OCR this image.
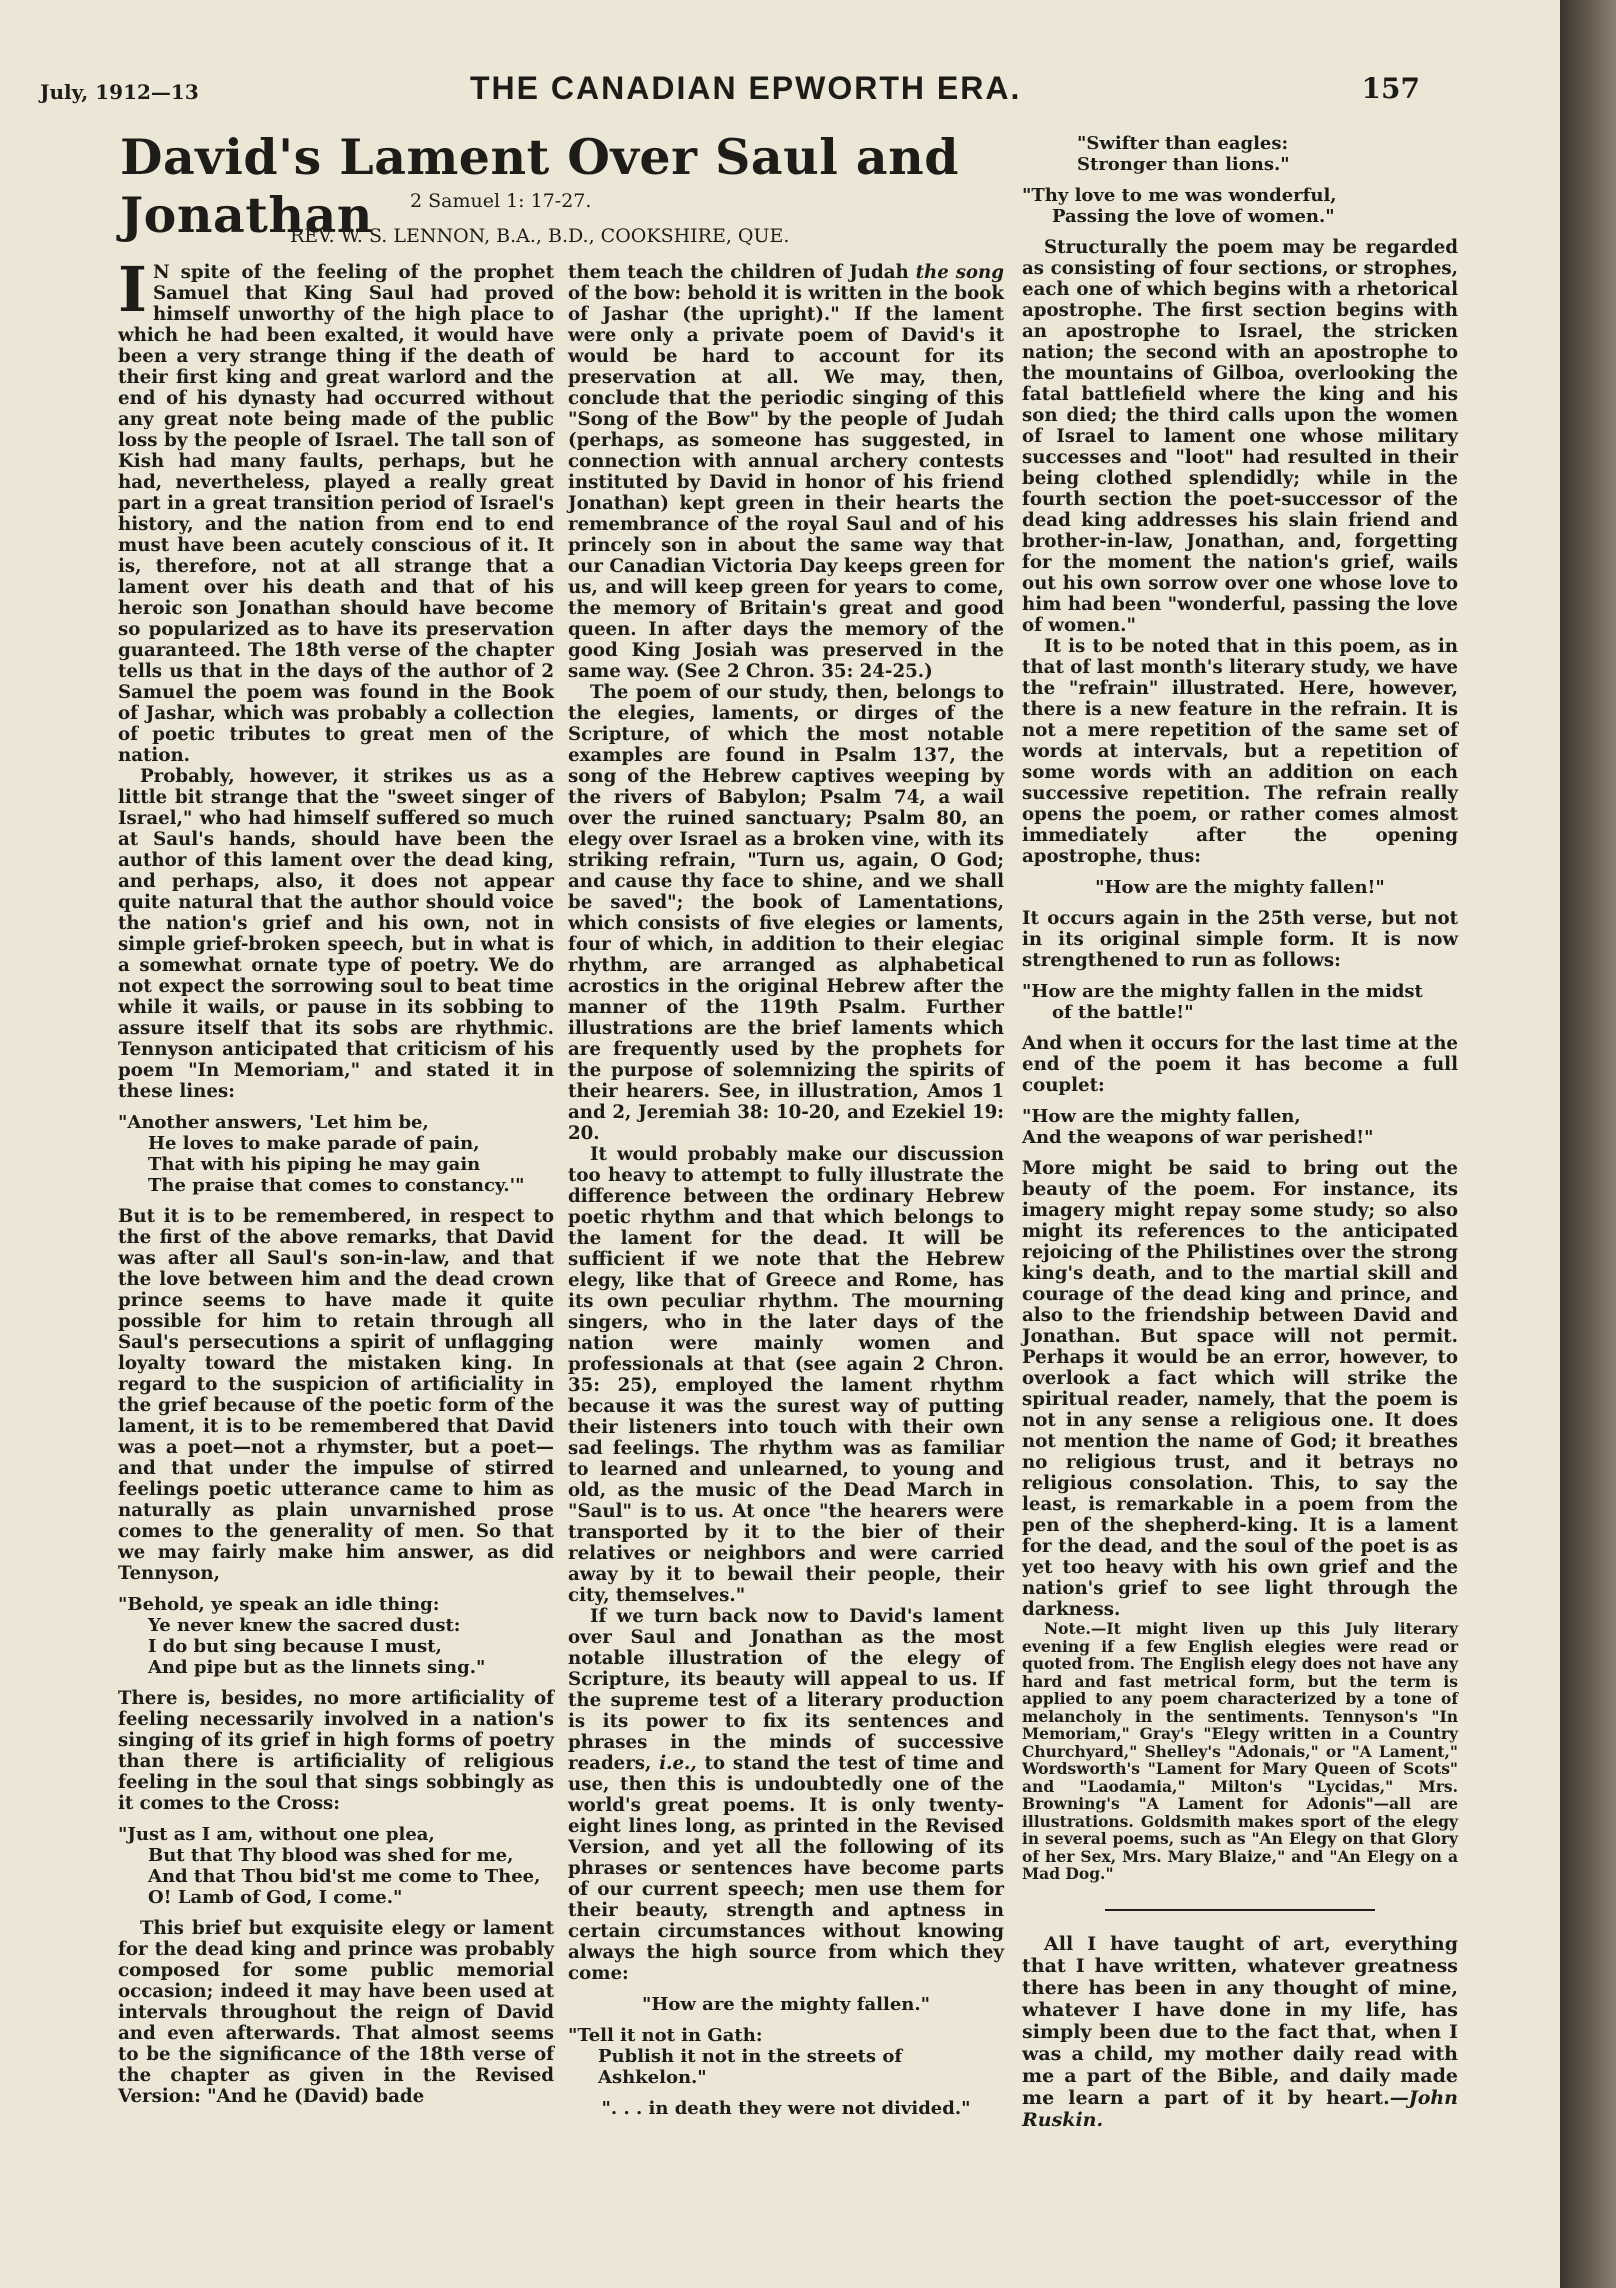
July, 1912—13	THE CANADIAN EPWORTH ERA.	157
David's Lament Over Saul and Jonathan	2 Samuel 1: 17-27.
REV. W. S. LENNON, B.A., B.D., COOKSHIRE, QUE.

I N spite of the feeling of the prophet Samuel that King Saul had proved himself unworthy of the high place to which he had been exalted, it would have been a very strange thing if the death of their first king and great warlord and the end of his dynasty had occurred without any great note being made of the public loss by the people of Israel. The tall son of Kish had many faults, perhaps, but he had, nevertheless, played a really great part in a great transition period of Israel's history, and the nation from end to end must have been acutely conscious of it. It is, therefore, not at all strange that a lament over his death and that of his heroic son Jonathan should have become so popularized as to have its preservation guaranteed. The 18th verse of the chapter tells us that in the days of the author of 2 Samuel the poem was found in the Book of Jashar, which was probably a collection of poetic tributes to great men of the nation.

Probably, however, it strikes us as a little bit strange that the "sweet singer of Israel," who had himself suffered so much at Saul's hands, should have been the author of this lament over the dead king, and perhaps, also, it does not appear quite natural that the author should voice the nation's grief and his own, not in simple grief-broken speech, but in what is a somewhat ornate type of poetry. We do not expect the sorrowing soul to beat time while it wails, or pause in its sobbing to assure itself that its sobs are rhythmic. Tennyson anticipated that criticism of his poem "In Memoriam," and stated it in these lines:

"Another answers, 'Let him be,
He loves to make parade of pain,
That with his piping he may gain
The praise that comes to constancy.'"

But it is to be remembered, in respect to the first of the above remarks, that David was after all Saul's son-in-law, and that the love between him and the dead crown prince seems to have made it quite possible for him to retain through all Saul's persecutions a spirit of unflagging loyalty toward the mistaken king. In regard to the suspicion of artificiality in the grief because of the poetic form of the lament, it is to be remembered that David was a poet—not a rhymster, but a poet—and that under the impulse of stirred feelings poetic utterance came to him as naturally as plain unvarnished prose comes to the generality of men. So that we may fairly make him answer, as did Tennyson,

"Behold, ye speak an idle thing:
Ye never knew the sacred dust:
I do but sing because I must,
And pipe but as the linnets sing."

There is, besides, no more artificiality of feeling necessarily involved in a nation's singing of its grief in high forms of poetry than there is artificiality of religious feeling in the soul that sings sobbingly as it comes to the Cross:

"Just as I am, without one plea,
But that Thy blood was shed for me,
And that Thou bid'st me come to Thee,
O! Lamb of God, I come."

This brief but exquisite elegy or lament for the dead king and prince was probably composed for some public memorial occasion; indeed it may have been used at intervals throughout the reign of David and even afterwards. That almost seems to be the significance of the 18th verse of the chapter as given in the Revised Version: "And he (David) bade

them teach the children of Judah the song of the bow: behold it is written in the book of Jashar (the upright)." If the lament were only a private poem of David's it would be hard to account for its preservation at all. We may, then, conclude that the periodic singing of this "Song of the Bow" by the people of Judah (perhaps, as someone has suggested, in connection with annual archery contests instituted by David in honor of his friend Jonathan) kept green in their hearts the remembrance of the royal Saul and of his princely son in about the same way that our Canadian Victoria Day keeps green for us, and will keep green for years to come, the memory of Britain's great and good queen. In after days the memory of the good King Josiah was preserved in the same way. (See 2 Chron. 35: 24-25.)

The poem of our study, then, belongs to the elegies, laments, or dirges of the Scripture, of which the most notable examples are found in Psalm 137, the song of the Hebrew captives weeping by the rivers of Babylon; Psalm 74, a wail over the ruined sanctuary; Psalm 80, an elegy over Israel as a broken vine, with its striking refrain, "Turn us, again, O God; and cause thy face to shine, and we shall be saved"; the book of Lamentations, which consists of five elegies or laments, four of which, in addition to their elegiac rhythm, are arranged as alphabetical acrostics in the original Hebrew after the manner of the 119th Psalm. Further illustrations are the brief laments which are frequently used by the prophets for the purpose of solemnizing the spirits of their hearers. See, in illustration, Amos 1 and 2, Jeremiah 38: 10-20, and Ezekiel 19: 20.

It would probably make our discussion too heavy to attempt to fully illustrate the difference between the ordinary Hebrew poetic rhythm and that which belongs to the lament for the dead. It will be sufficient if we note that the Hebrew elegy, like that of Greece and Rome, has its own peculiar rhythm. The mourning singers, who in the later days of the nation were mainly women and professionals at that (see again 2 Chron. 35: 25), employed the lament rhythm because it was the surest way of putting their listeners into touch with their own sad feelings. The rhythm was as familiar to learned and unlearned, to young and old, as the music of the Dead March in "Saul" is to us. At once "the hearers were transported by it to the bier of their relatives or neighbors and were carried away by it to bewail their people, their city, themselves."

If we turn back now to David's lament over Saul and Jonathan as the most notable illustration of the elegy of Scripture, its beauty will appeal to us. If the supreme test of a literary production is its power to fix its sentences and phrases in the minds of successive readers, i.e., to stand the test of time and use, then this is undoubtedly one of the world's great poems. It is only twenty-eight lines long, as printed in the Revised Version, and yet all the following of its phrases or sentences have become parts of our current speech; men use them for their beauty, strength and aptness in certain circumstances without knowing always the high source from which they come:

"How are the mighty fallen."
"Tell it not in Gath:
Publish it not in the streets of Ashkelon."
". . . in death they were not divided."
"Swifter than eagles:
Stronger than lions."
"Thy love to me was wonderful,
Passing the love of women."

Structurally the poem may be regarded as consisting of four sections, or strophes, each one of which begins with a rhetorical apostrophe. The first section begins with an apostrophe to Israel, the stricken nation; the second with an apostrophe to the mountains of Gilboa, overlooking the fatal battlefield where the king and his son died; the third calls upon the women of Israel to lament one whose military successes and "loot" had resulted in their being clothed splendidly; while in the fourth section the poet-successor of the dead king addresses his slain friend and brother-in-law, Jonathan, and, forgetting for the moment the nation's grief, wails out his own sorrow over one whose love to him had been "wonderful, passing the love of women."

It is to be noted that in this poem, as in that of last month's literary study, we have the "refrain" illustrated. Here, however, there is a new feature in the refrain. It is not a mere repetition of the same set of words at intervals, but a repetition of some words with an addition on each successive repetition. The refrain really opens the poem, or rather comes almost immediately after the opening apostrophe, thus:

"How are the mighty fallen!"

It occurs again in the 25th verse, but not in its original simple form. It is now strengthened to run as follows:

"How are the mighty fallen in the midst
of the battle!"

And when it occurs for the last time at the end of the poem it has become a full couplet:

"How are the mighty fallen,
And the weapons of war perished!"

More might be said to bring out the beauty of the poem. For instance, its imagery might repay some study; so also might its references to the anticipated rejoicing of the Philistines over the strong king's death, and to the martial skill and courage of the dead king and prince, and also to the friendship between David and Jonathan. But space will not permit. Perhaps it would be an error, however, to overlook a fact which will strike the spiritual reader, namely, that the poem is not in any sense a religious one. It does not mention the name of God; it breathes no religious trust, and it betrays no religious consolation. This, to say the least, is remarkable in a poem from the pen of the shepherd-king. It is a lament for the dead, and the soul of the poet is as yet too heavy with his own grief and the nation's grief to see light through the darkness.

Note.—It might liven up this July literary evening if a few English elegies were read or quoted from. The English elegy does not have any hard and fast metrical form, but the term is applied to any poem characterized by a tone of melancholy in the sentiments. Tennyson's "In Memoriam," Gray's "Elegy written in a Country Churchyard," Shelley's "Adonais," or "A Lament," Wordsworth's "Lament for Mary Queen of Scots" and "Laodamia," Milton's "Lycidas," Mrs. Browning's "A Lament for Adonis"—all are illustrations. Goldsmith makes sport of the elegy in several poems, such as "An Elegy on that Glory of her Sex, Mrs. Mary Blaize," and "An Elegy on a Mad Dog."

All I have taught of art, everything that I have written, whatever greatness there has been in any thought of mine, whatever I have done in my life, has simply been due to the fact that, when I was a child, my mother daily read with me a part of the Bible, and daily made me learn a part of it by heart.—John Ruskin.
